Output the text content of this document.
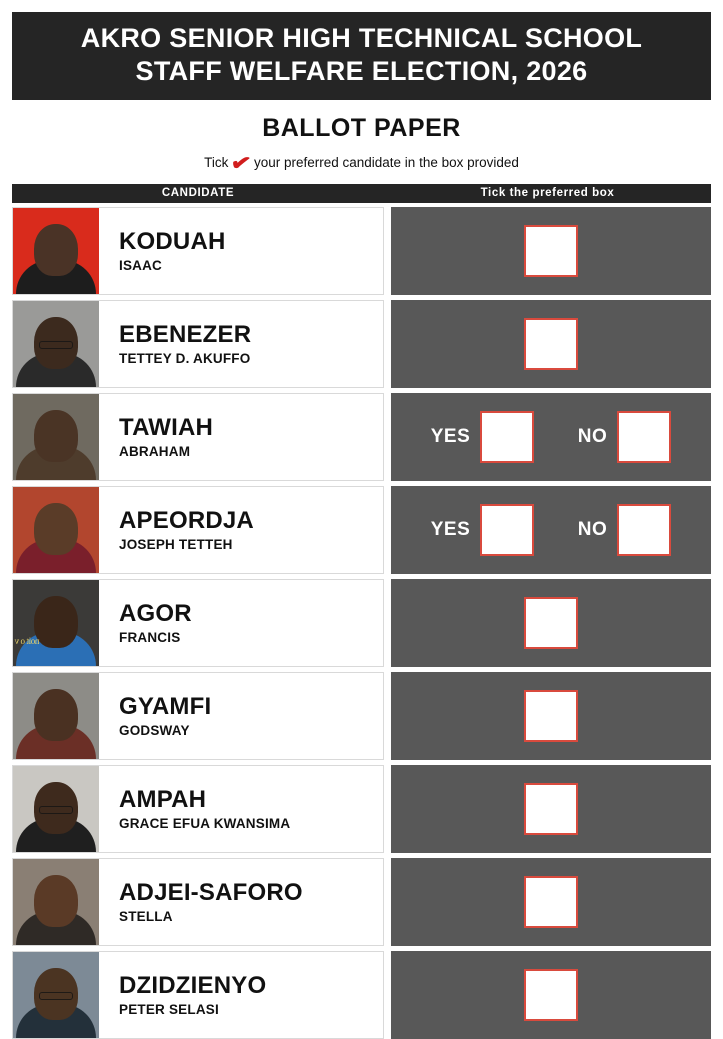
AKRO SENIOR HIGH TECHNICAL SCHOOL
STAFF WELFARE ELECTION, 2026
BALLOT PAPER
Tick ✔ your preferred candidate in the box provided
CANDIDATE	Tick the preferred box
KODUAH
ISAAC
EBENEZER
TETTEY D. AKUFFO
TAWIAH
ABRAHAM
YES	NO
APEORDJA
JOSEPH TETTEH
YES	NO
noit o v
AGOR
FRANCIS
GYAMFI
GODSWAY
AMPAH
GRACE EFUA KWANSIMA
ADJEI-SAFORO
STELLA
DZIDZIENYO
PETER SELASI
